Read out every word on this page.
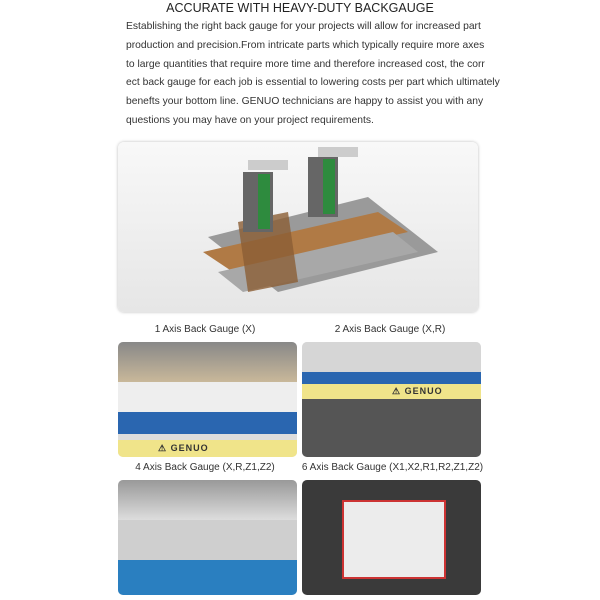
ACCURATE WITH HEAVY-DUTY BACKGAUGE
Establishing the right back gauge for your projects will allow for increased part
production and precision.From intricate parts which typically require more axes
to large quantities that require more time and therefore increased cost, the corr
ect back gauge for each job is essential to lowering costs per part which ultimately
benefts your bottom line. GENUO technicians are happy to assist you with any
questions you may have on your project requirements.
1 Axis Back Gauge (X)	2 Axis Back Gauge (X,R)
⚠ GENUO
⚠ GENUO
4 Axis Back Gauge (X,R,Z1,Z2)	6 Axis Back Gauge (X1,X2,R1,R2,Z1,Z2)
